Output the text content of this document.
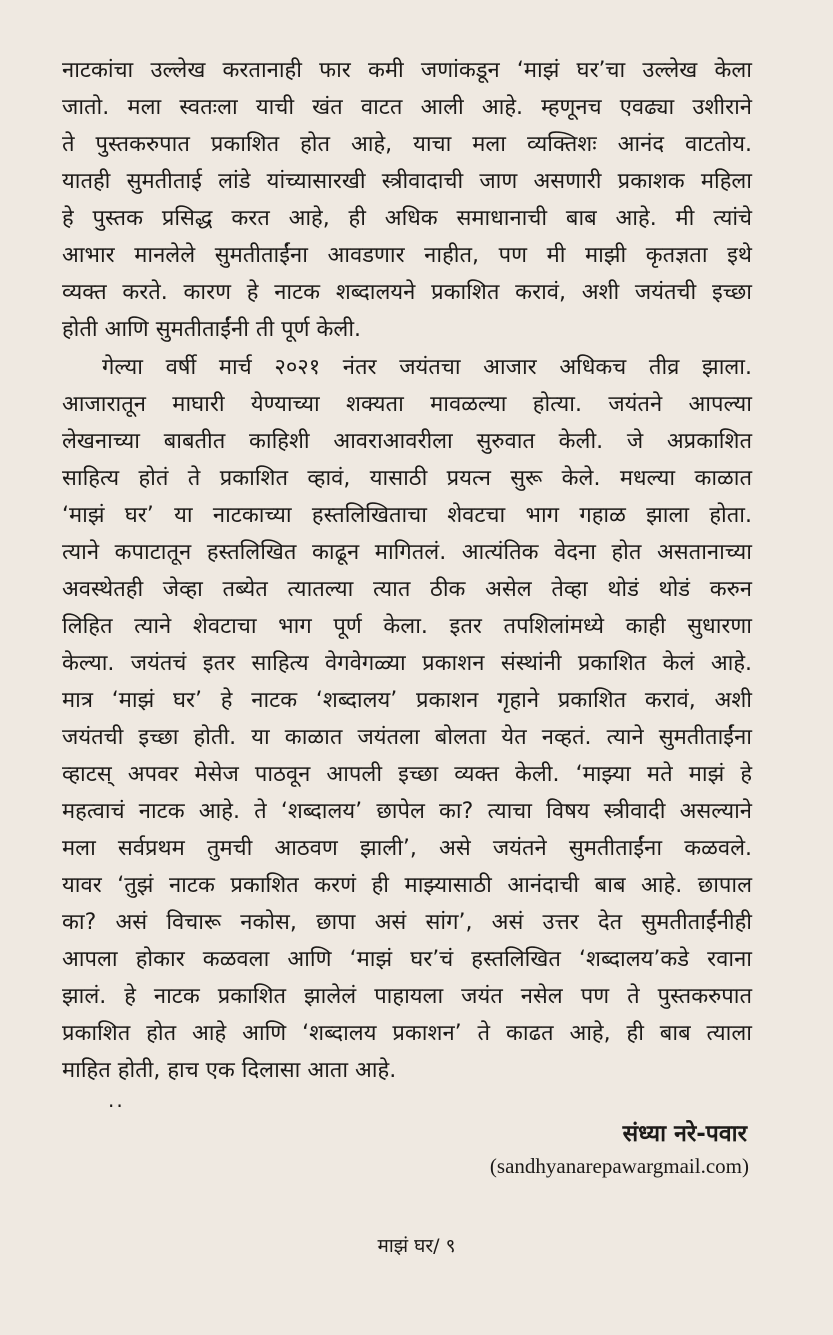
नाटकांचा उल्लेख करतानाही फार कमी जणांकडून ‘माझं घर’चा उल्लेख केला
जातो. मला स्वतःला याची खंत वाटत आली आहे. म्हणूनच एवढ्या उशीराने
ते पुस्तकरुपात प्रकाशित होत आहे, याचा मला व्यक्तिशः आनंद वाटतोय.
यातही सुमतीताई लांडे यांच्यासारखी स्त्रीवादाची जाण असणारी प्रकाशक महिला
हे पुस्तक प्रसिद्ध करत आहे, ही अधिक समाधानाची बाब आहे. मी त्यांचे
आभार मानलेले सुमतीताईंना आवडणार नाहीत, पण मी माझी कृतज्ञता इथे
व्यक्त करते. कारण हे नाटक शब्दालयने प्रकाशित करावं, अशी जयंतची इच्छा
होती आणि सुमतीताईंनी ती पूर्ण केली.
गेल्या वर्षी मार्च २०२१ नंतर जयंतचा आजार अधिकच तीव्र झाला.
आजारातून माघारी येण्याच्या शक्यता मावळल्या होत्या. जयंतने आपल्या
लेखनाच्या बाबतीत काहिशी आवराआवरीला सुरुवात केली. जे अप्रकाशित
साहित्य होतं ते प्रकाशित व्हावं, यासाठी प्रयत्न सुरू केले. मधल्या काळात
‘माझं घर’ या नाटकाच्या हस्तलिखिताचा शेवटचा भाग गहाळ झाला होता.
त्याने कपाटातून हस्तलिखित काढून मागितलं. आत्यंतिक वेदना होत असतानाच्या
अवस्थेतही जेव्हा तब्येत त्यातल्या त्यात ठीक असेल तेव्हा थोडं थोडं करुन
लिहित त्याने शेवटाचा भाग पूर्ण केला. इतर तपशिलांमध्ये काही सुधारणा
केल्या. जयंतचं इतर साहित्य वेगवेगळ्या प्रकाशन संस्थांनी प्रकाशित केलं आहे.
मात्र ‘माझं घर’ हे नाटक ‘शब्दालय’ प्रकाशन गृहाने प्रकाशित करावं, अशी
जयंतची इच्छा होती. या काळात जयंतला बोलता येत नव्हतं. त्याने सुमतीताईंना
व्हाटस् अपवर मेसेज पाठवून आपली इच्छा व्यक्त केली. ‘माझ्या मते माझं हे
महत्वाचं नाटक आहे. ते ‘शब्दालय’ छापेल का? त्याचा विषय स्त्रीवादी असल्याने
मला सर्वप्रथम तुमची आठवण झाली’, असे जयंतने सुमतीताईंना कळवले.
यावर ‘तुझं नाटक प्रकाशित करणं ही माझ्यासाठी आनंदाची बाब आहे. छापाल
का? असं विचारू नकोस, छापा असं सांग’, असं उत्तर देत सुमतीताईंनीही
आपला होकार कळवला आणि ‘माझं घर’चं हस्तलिखित ‘शब्दालय’कडे रवाना
झालं. हे नाटक प्रकाशित झालेलं पाहायला जयंत नसेल पण ते पुस्तकरुपात
प्रकाशित होत आहे आणि ‘शब्दालय प्रकाशन’ ते काढत आहे, ही बाब त्याला
माहित होती, हाच एक दिलासा आता आहे.
..
संध्या नरे-पवार
(sandhyanarepawargmail.com)
माझं घर/ ९
